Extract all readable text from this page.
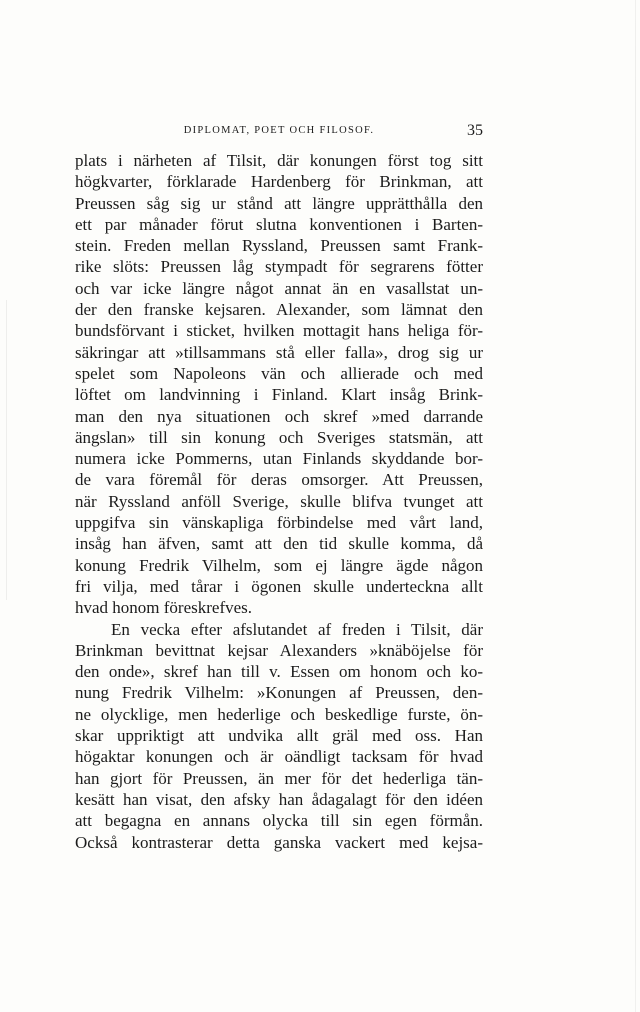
DIPLOMAT, POET OCH FILOSOF.	35
plats i närheten af Tilsit, där konungen först tog sitt
högkvarter, förklarade Hardenberg för Brinkman, att
Preussen såg sig ur stånd att längre upprätthålla den
ett par månader förut slutna konventionen i Barten-
stein. Freden mellan Ryssland, Preussen samt Frank-
rike slöts: Preussen låg stympadt för segrarens fötter
och var icke längre något annat än en vasallstat un-
der den franske kejsaren. Alexander, som lämnat den
bundsförvant i sticket, hvilken mottagit hans heliga för-
säkringar att »tillsammans stå eller falla», drog sig ur
spelet som Napoleons vän och allierade och med
löftet om landvinning i Finland. Klart insåg Brink-
man den nya situationen och skref »med darrande
ängslan» till sin konung och Sveriges statsmän, att
numera icke Pommerns, utan Finlands skyddande bor-
de vara föremål för deras omsorger. Att Preussen,
när Ryssland anföll Sverige, skulle blifva tvunget att
uppgifva sin vänskapliga förbindelse med vårt land,
insåg han äfven, samt att den tid skulle komma, då
konung Fredrik Vilhelm, som ej längre ägde någon
fri vilja, med tårar i ögonen skulle underteckna allt
hvad honom föreskrefves.
En vecka efter afslutandet af freden i Tilsit, där
Brinkman bevittnat kejsar Alexanders »knäböjelse för
den onde», skref han till v. Essen om honom och ko-
nung Fredrik Vilhelm: »Konungen af Preussen, den-
ne olycklige, men hederlige och beskedlige furste, ön-
skar uppriktigt att undvika allt gräl med oss. Han
högaktar konungen och är oändligt tacksam för hvad
han gjort för Preussen, än mer för det hederliga tän-
kesätt han visat, den afsky han ådagalagt för den idéen
att begagna en annans olycka till sin egen förmån.
Också kontrasterar detta ganska vackert med kejsa-
